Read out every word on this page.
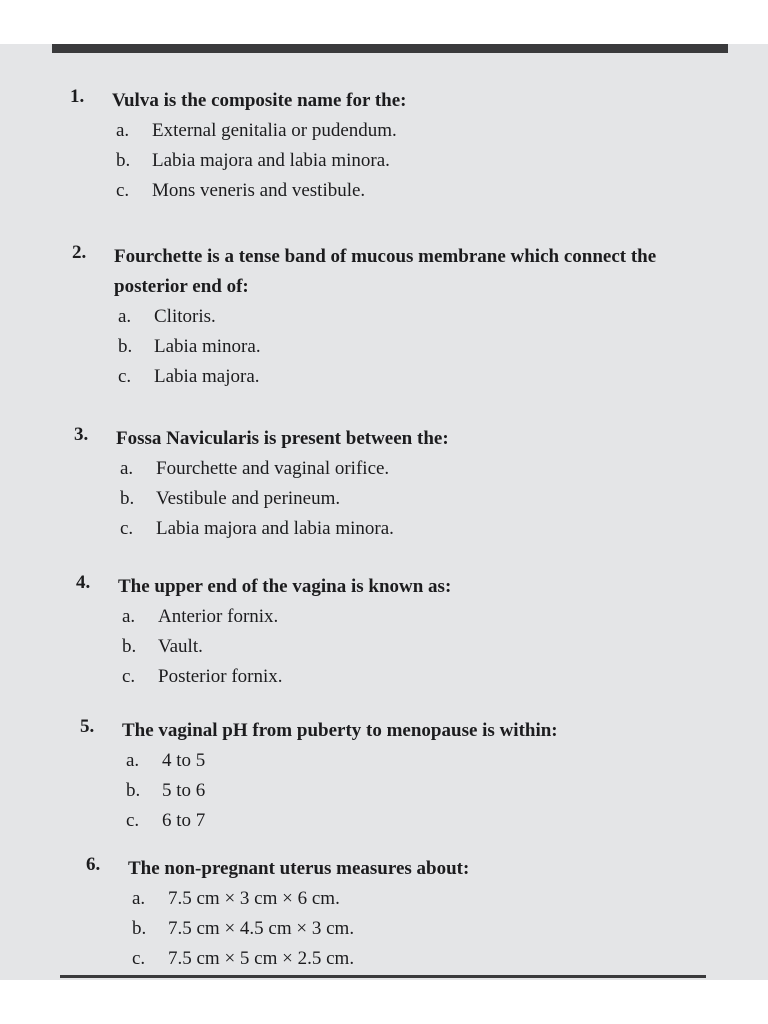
1.	Vulva is the composite name for the:
a.	External genitalia or pudendum.
b.	Labia majora and labia minora.
c.	Mons veneris and vestibule.
2.	Fourchette is a tense band of mucous membrane which connect the posterior end of:
a.	Clitoris.
b.	Labia minora.
c.	Labia majora.
3.	Fossa Navicularis is present between the:
a.	Fourchette and vaginal orifice.
b.	Vestibule and perineum.
c.	Labia majora and labia minora.
4.	The upper end of the vagina is known as:
a.	Anterior fornix.
b.	Vault.
c.	Posterior fornix.
5.	The vaginal pH from puberty to menopause is within:
a.	4 to 5
b.	5 to 6
c.	6 to 7
6.	The non-pregnant uterus measures about:
a.	7.5 cm × 3 cm × 6 cm.
b.	7.5 cm × 4.5 cm × 3 cm.
c.	7.5 cm × 5 cm × 2.5 cm.
